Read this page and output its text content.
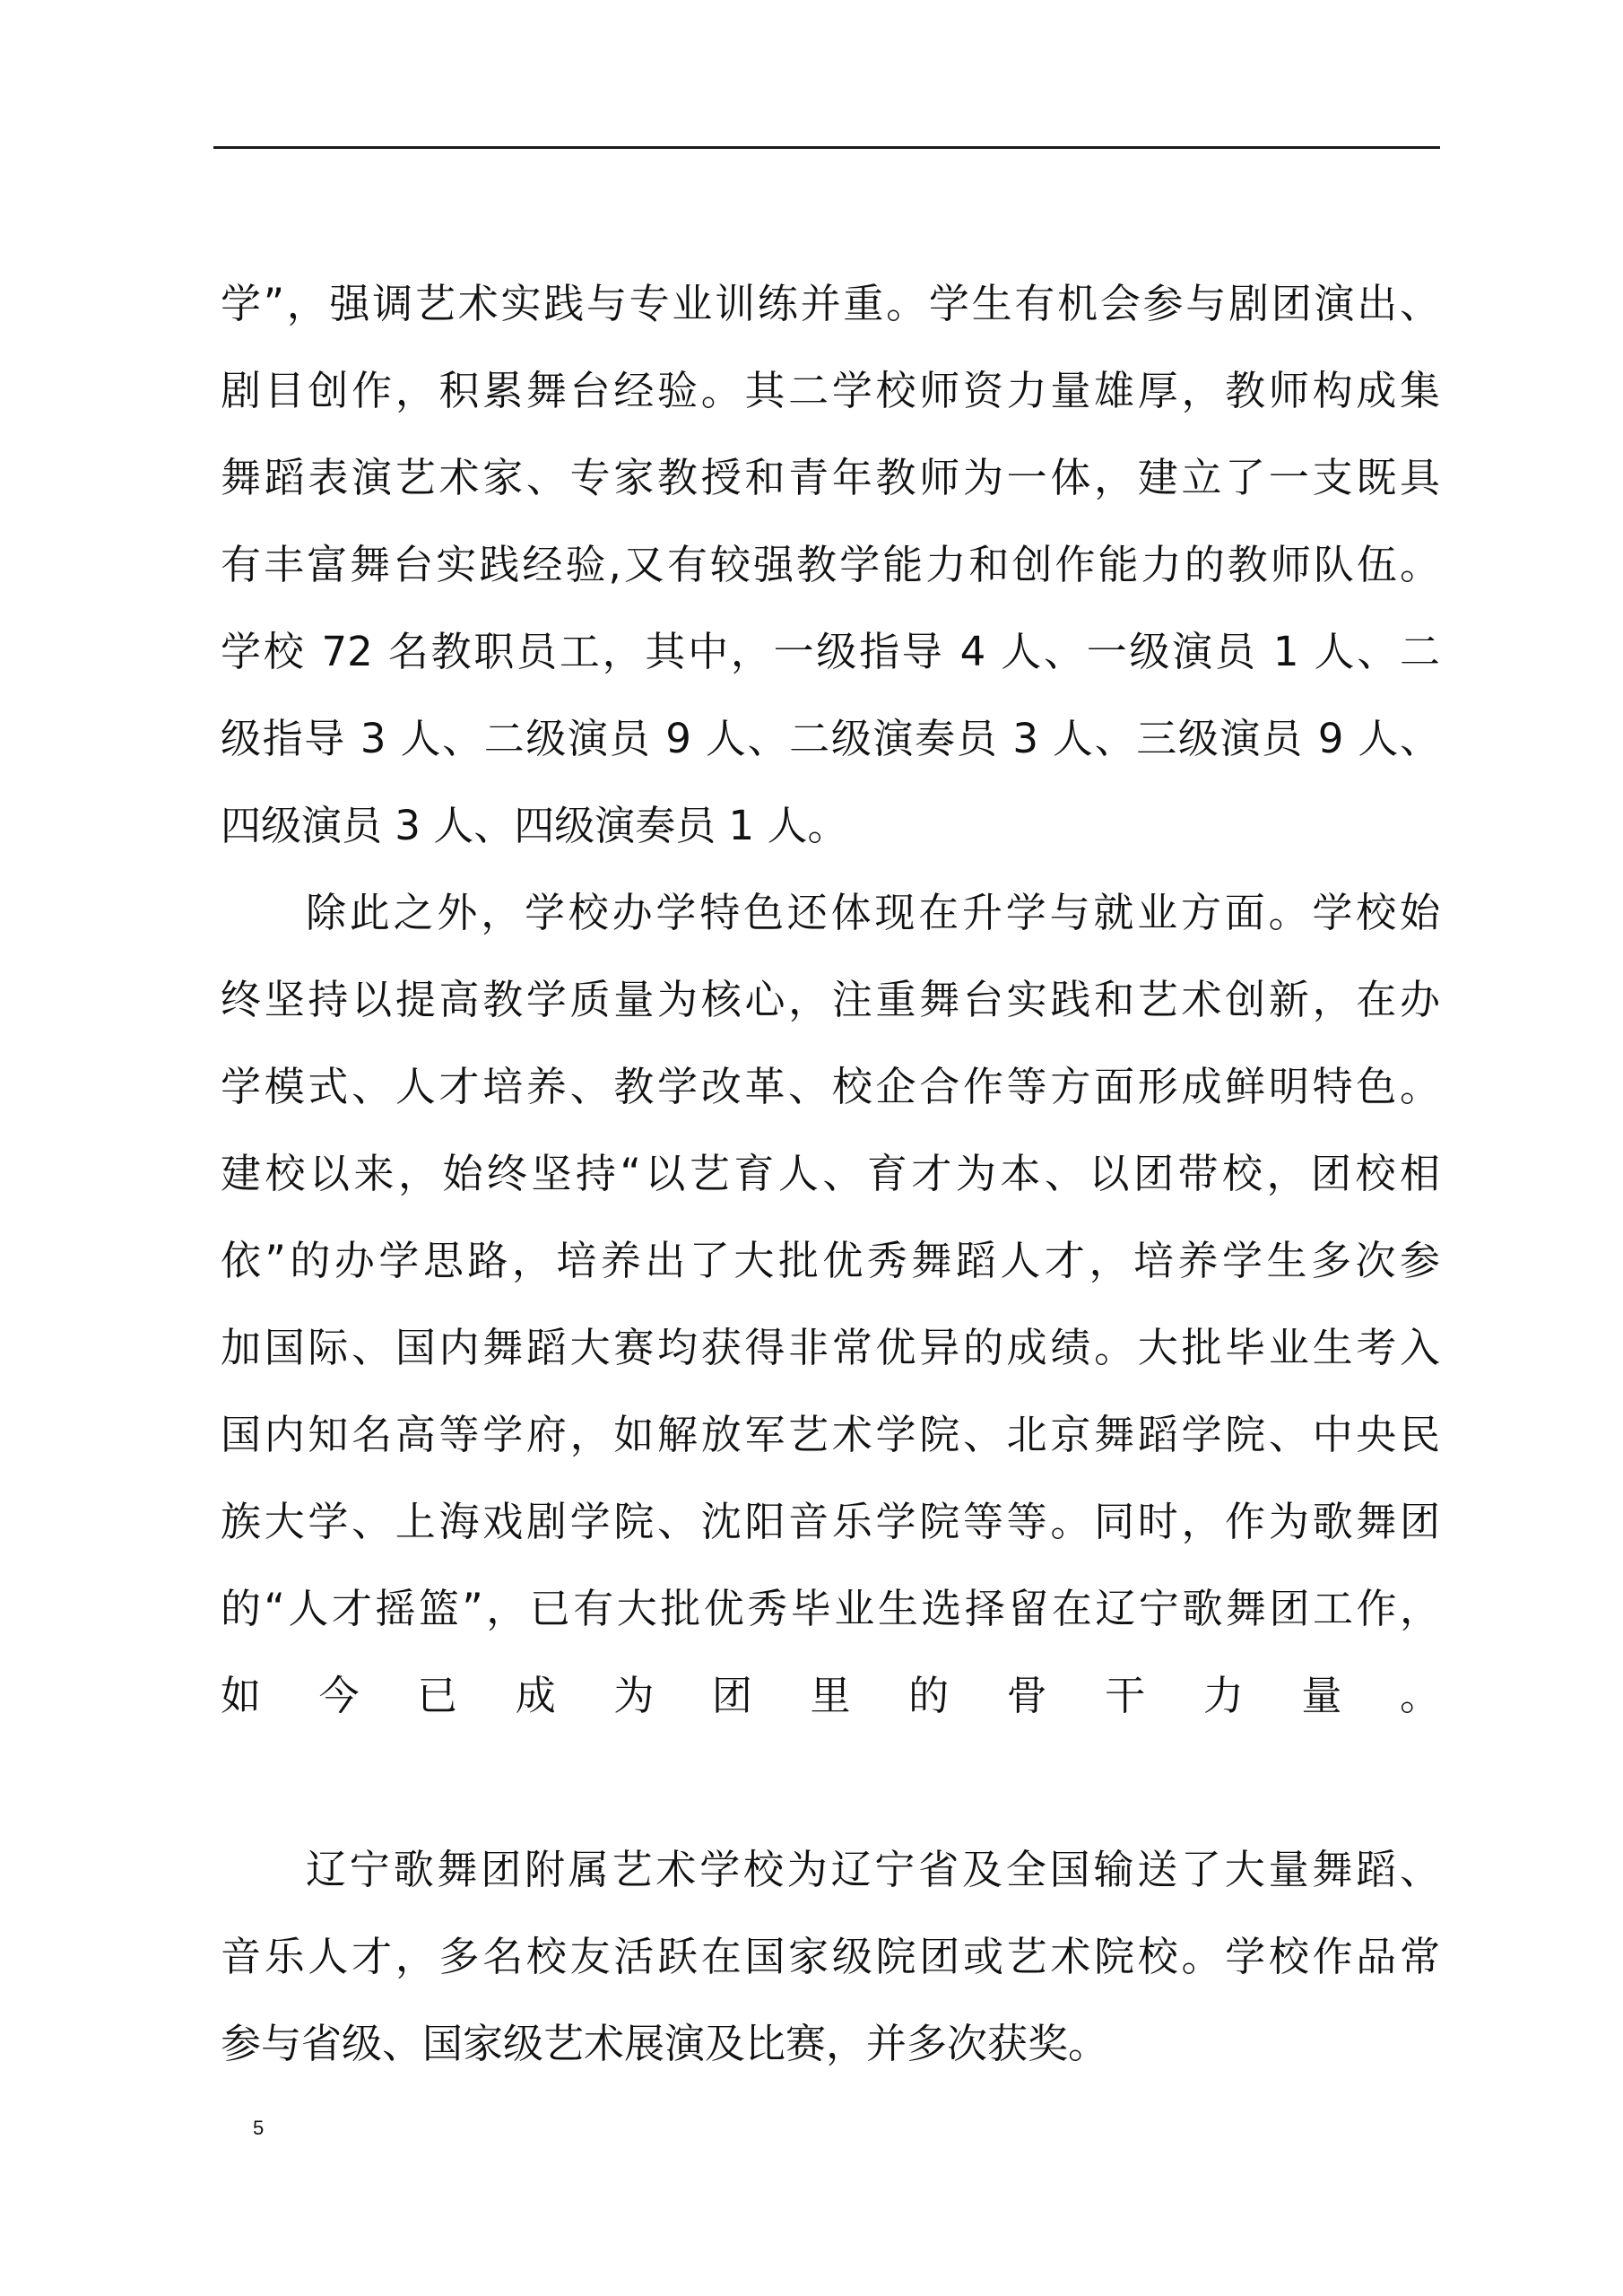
学”，强调艺术实践与专业训练并重。学生有机会参与剧团演出、
剧目创作，积累舞台经验。其二学校师资力量雄厚，教师构成集
舞蹈表演艺术家、专家教授和青年教师为一体，建立了一支既具
有丰富舞台实践经验,又有较强教学能力和创作能力的教师队伍。
学校 72 名教职员工，其中，一级指导 4 人、一级演员 1 人、二
级指导 3 人、二级演员 9 人、二级演奏员 3 人、三级演员 9 人、
四级演员 3 人、四级演奏员 1 人。
除此之外，学校办学特色还体现在升学与就业方面。学校始
终坚持以提高教学质量为核心，注重舞台实践和艺术创新，在办
学模式、人才培养、教学改革、校企合作等方面形成鲜明特色。
建校以来，始终坚持“以艺育人、育才为本、以团带校，团校相
依”的办学思路，培养出了大批优秀舞蹈人才，培养学生多次参
加国际、国内舞蹈大赛均获得非常优异的成绩。大批毕业生考入
国内知名高等学府，如解放军艺术学院、北京舞蹈学院、中央民
族大学、上海戏剧学院、沈阳音乐学院等等。同时，作为歌舞团
的“人才摇篮”，已有大批优秀毕业生选择留在辽宁歌舞团工作，
如今已成为团里的骨干力量。
辽宁歌舞团附属艺术学校为辽宁省及全国输送了大量舞蹈、
音乐人才，多名校友活跃在国家级院团或艺术院校。学校作品常
参与省级、国家级艺术展演及比赛，并多次获奖。
5
